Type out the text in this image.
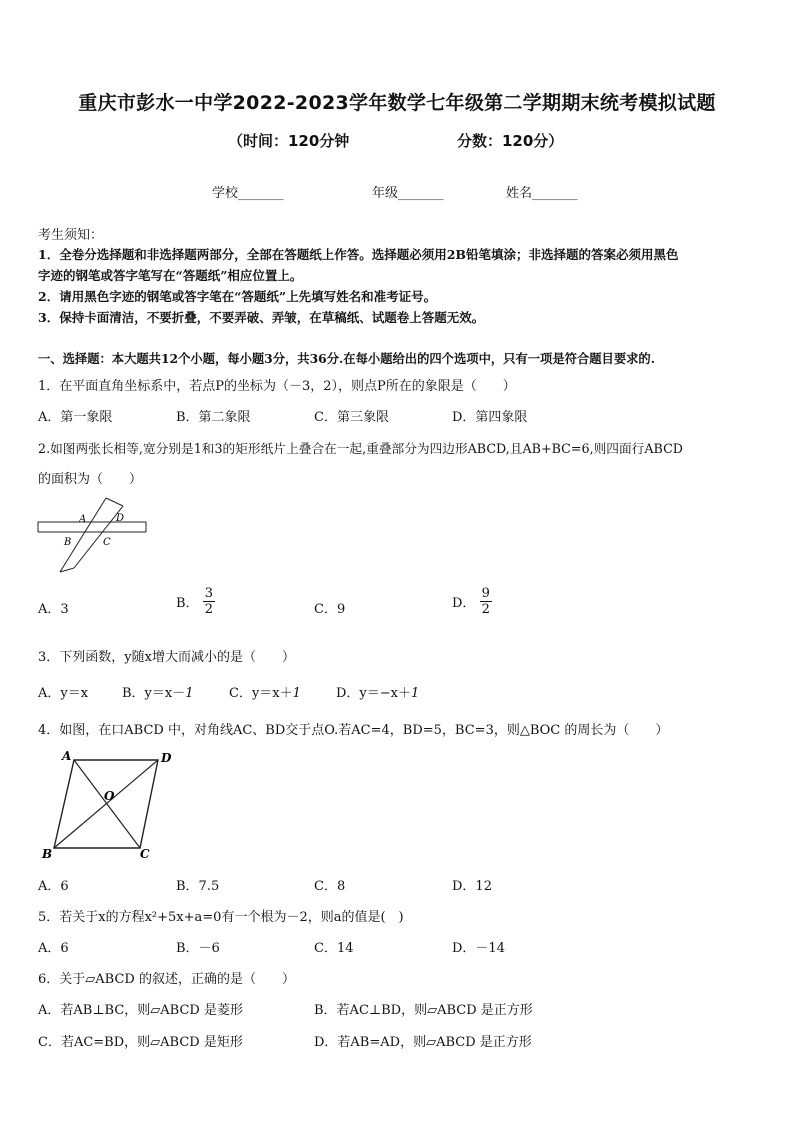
重庆市彭水一中学2022-2023学年数学七年级第二学期期末统考模拟试题
（时间：120分钟	分数：120分）
学校_______	年级_______	姓名_______
考生须知：
1．全卷分选择题和非选择题两部分，全部在答题纸上作答。选择题必须用2B铅笔填涂；非选择题的答案必须用黑色
字迹的钢笔或答字笔写在“答题纸”相应位置上。
2．请用黑色字迹的钢笔或答字笔在“答题纸”上先填写姓名和准考证号。
3．保持卡面清洁，不要折叠，不要弄破、弄皱，在草稿纸、试题卷上答题无效。
一、选择题：本大题共12个小题，每小题3分，共36分.在每小题给出的四个选项中，只有一项是符合题目要求的.
1．在平面直角坐标系中，若点P的坐标为（－3，2），则点P所在的象限是（　　）
A．第一象限	B．第二象限	C．第三象限	D．第四象限
2.如图两张长相等,宽分别是1和3的矩形纸片上叠合在一起,重叠部分为四边形ABCD,且AB+BC=6,则四面行ABCD
的面积为（　　）
A	D
B	C
A．3	B． $\frac{3}{2}$	C．9	D． $\frac{9}{2}$
3．下列函数，y随x增大而减小的是（　　）
A．y＝x	B．y＝x－1	C．y＝x＋1	D．y＝−x＋1
4．如图，在口ABCD 中，对角线AC、BD交于点O.若AC=4，BD=5，BC=3，则△BOC 的周长为（　　）
A	D
O
B	C
A．6	B．7.5	C．8	D．12
5．若关于x的方程x²+5x+a=0有一个根为－2，则a的值是(　)
A．6	B．－6	C．14	D．－14
6．关于▱ABCD 的叙述，正确的是（　　）
A．若AB⊥BC，则▱ABCD 是菱形	B．若AC⊥BD，则▱ABCD 是正方形
C．若AC=BD，则▱ABCD 是矩形	D．若AB=AD，则▱ABCD 是正方形
